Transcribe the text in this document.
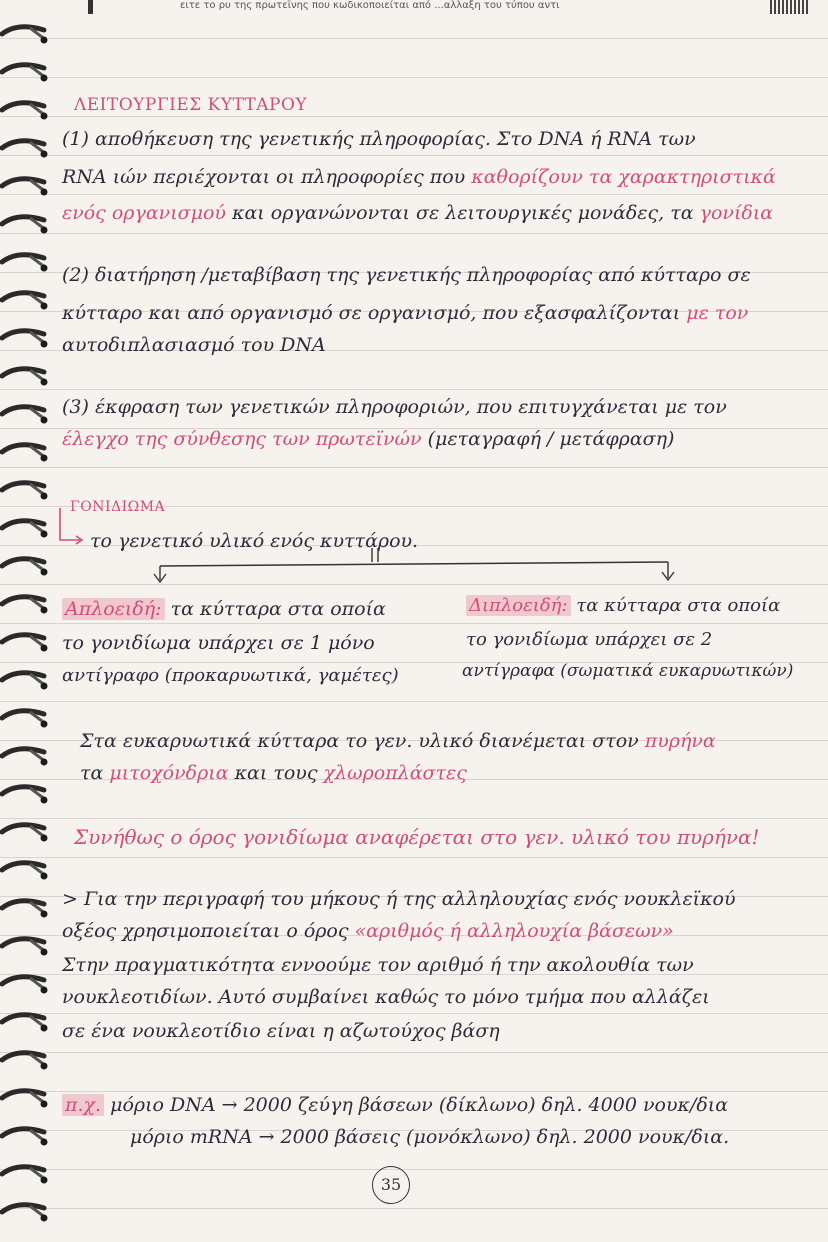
ειτε το ρυ της πρωτεΐνης που κωδικοποιείται από ...αλλαξη του τύπου αντι
ΛΕΙΤΟΥΡΓΙΕΣ ΚΥΤΤΑΡΟΥ
(1) αποθήκευση της γενετικής πληροφορίας. Στο DNA ή RNA των
RNA ιών περιέχονται οι πληροφορίες που καθορίζουν τα χαρακτηριστικά
ενός οργανισμού και οργανώνονται σε λειτουργικές μονάδες, τα γονίδια
(2) διατήρηση /μεταβίβαση της γενετικής πληροφορίας από κύτταρο σε
κύτταρο και από οργανισμό σε οργανισμό, που εξασφαλίζονται με τον
αυτοδιπλασιασμό του DNA
(3) έκφραση των γενετικών πληροφοριών, που επιτυγχάνεται με τον
έλεγχο της σύνθεσης των πρωτεϊνών (μεταγραφή / μετάφραση)
ΓΟΝΙΔΙΩΜΑ
το γενετικό υλικό ενός κυττάρου.
Απλοειδή: τα κύτταρα στα οποία	Διπλοειδή: τα κύτταρα στα οποία
το γονιδίωμα υπάρχει σε 1 μόνο	το γονιδίωμα υπάρχει σε 2
αντίγραφο (προκαρυωτικά, γαμέτες)	αντίγραφα (σωματικά ευκαρυωτικών)
Στα ευκαρυωτικά κύτταρα το γεν. υλικό διανέμεται στον πυρήνα
τα μιτοχόνδρια και τους χλωροπλάστες
Συνήθως ο όρος γονιδίωμα αναφέρεται στο γεν. υλικό του πυρήνα!
> Για την περιγραφή του μήκους ή της αλληλουχίας ενός νουκλεϊκού
οξέος χρησιμοποιείται ο όρος «αριθμός ή αλληλουχία βάσεων»
Στην πραγματικότητα εννοούμε τον αριθμό ή την ακολουθία των
νουκλεοτιδίων. Αυτό συμβαίνει καθώς το μόνο τμήμα που αλλάζει
σε ένα νουκλεοτίδιο είναι η αζωτούχος βάση
π.χ. μόριο DNA → 2000 ζεύγη βάσεων (δίκλωνο) δηλ. 4000 νουκ/δια
μόριο mRNA → 2000 βάσεις (μονόκλωνο) δηλ. 2000 νουκ/δια.
35
